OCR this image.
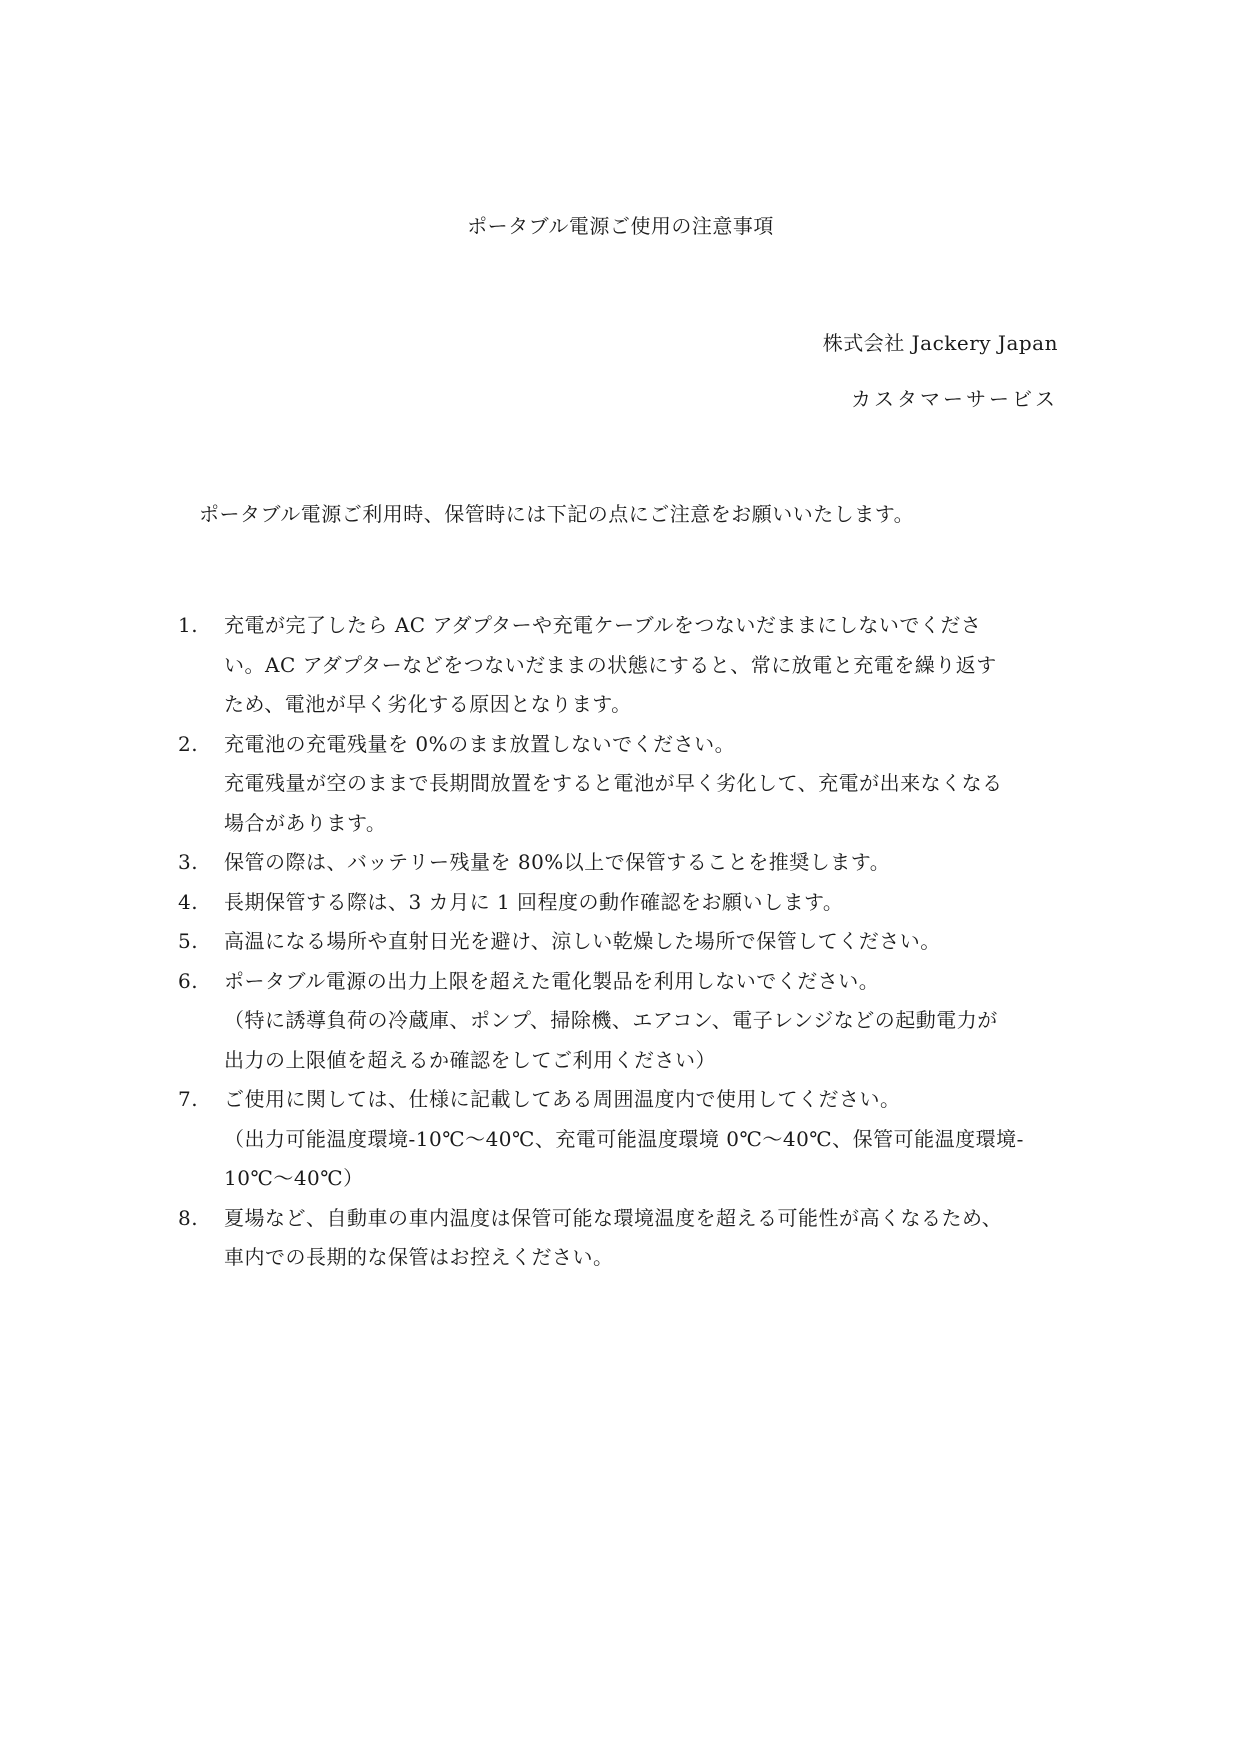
ポータブル電源ご使用の注意事項
株式会社 Jackery Japan
カスタマーサービス
ポータブル電源ご利用時、保管時には下記の点にご注意をお願いいたします。
1.	充電が完了したら AC アダプターや充電ケーブルをつないだままにしないでくださ
い。AC アダプターなどをつないだままの状態にすると、常に放電と充電を繰り返す
ため、電池が早く劣化する原因となります。
2.	充電池の充電残量を 0%のまま放置しないでください。
充電残量が空のままで長期間放置をすると電池が早く劣化して、充電が出来なくなる
場合があります。
3.	保管の際は、バッテリー残量を 80%以上で保管することを推奨します。
4.	長期保管する際は、3 カ月に 1 回程度の動作確認をお願いします。
5.	高温になる場所や直射日光を避け、涼しい乾燥した場所で保管してください。
6.	ポータブル電源の出力上限を超えた電化製品を利用しないでください。
（特に誘導負荷の冷蔵庫、ポンプ、掃除機、エアコン、電子レンジなどの起動電力が
出力の上限値を超えるか確認をしてご利用ください）
7.	ご使用に関しては、仕様に記載してある周囲温度内で使用してください。
（出力可能温度環境-10℃～40℃、充電可能温度環境 0℃～40℃、保管可能温度環境-
10℃～40℃）
8.	夏場など、自動車の車内温度は保管可能な環境温度を超える可能性が高くなるため、
車内での長期的な保管はお控えください。
